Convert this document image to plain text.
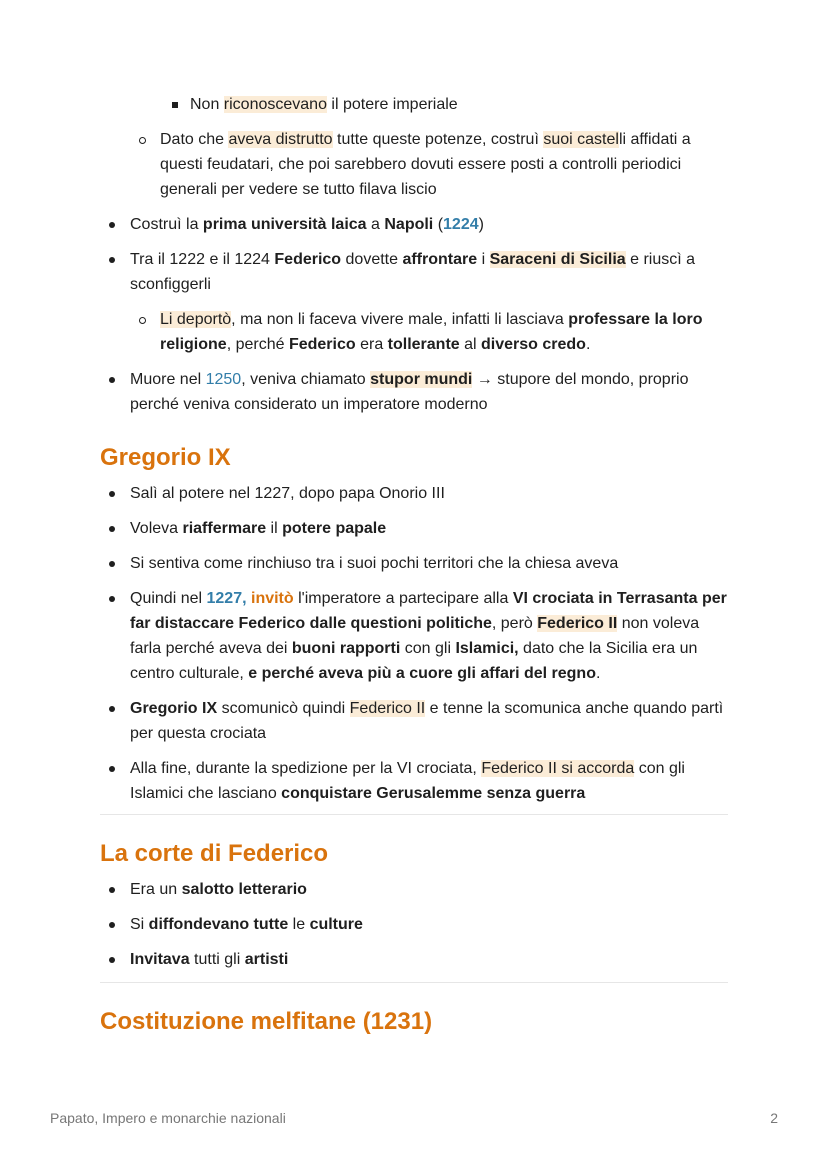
Non riconoscevano il potere imperiale
Dato che aveva distrutto tutte queste potenze, costruì suoi castelli affidati a questi feudatari, che poi sarebbero dovuti essere posti a controlli periodici generali per vedere se tutto filava liscio
Costruì la prima università laica a Napoli (1224)
Tra il 1222 e il 1224 Federico dovette affrontare i Saraceni di Sicilia e riuscì a sconfiggerli
Li deportò, ma non li faceva vivere male, infatti li lasciava professare la loro religione, perché Federico era tollerante al diverso credo.
Muore nel 1250, veniva chiamato stupor mundi → stupore del mondo, proprio perché veniva considerato un imperatore moderno
Gregorio IX
Salì al potere nel 1227, dopo papa Onorio III
Voleva riaffermare il potere papale
Si sentiva come rinchiuso tra i suoi pochi territori che la chiesa aveva
Quindi nel 1227, invitò l'imperatore a partecipare alla VI crociata in Terrasanta per far distaccare Federico dalle questioni politiche, però Federico II non voleva farla perché aveva dei buoni rapporti con gli Islamici, dato che la Sicilia era un centro culturale, e perché aveva più a cuore gli affari del regno.
Gregorio IX scomunicò quindi Federico II e tenne la scomunica anche quando partì per questa crociata
Alla fine, durante la spedizione per la VI crociata, Federico II si accorda con gli Islamici che lasciano conquistare Gerusalemme senza guerra
La corte di Federico
Era un salotto letterario
Si diffondevano tutte le culture
Invitava tutti gli artisti
Costituzione melfitane (1231)
Papato, Impero e monarchie nazionali	2
